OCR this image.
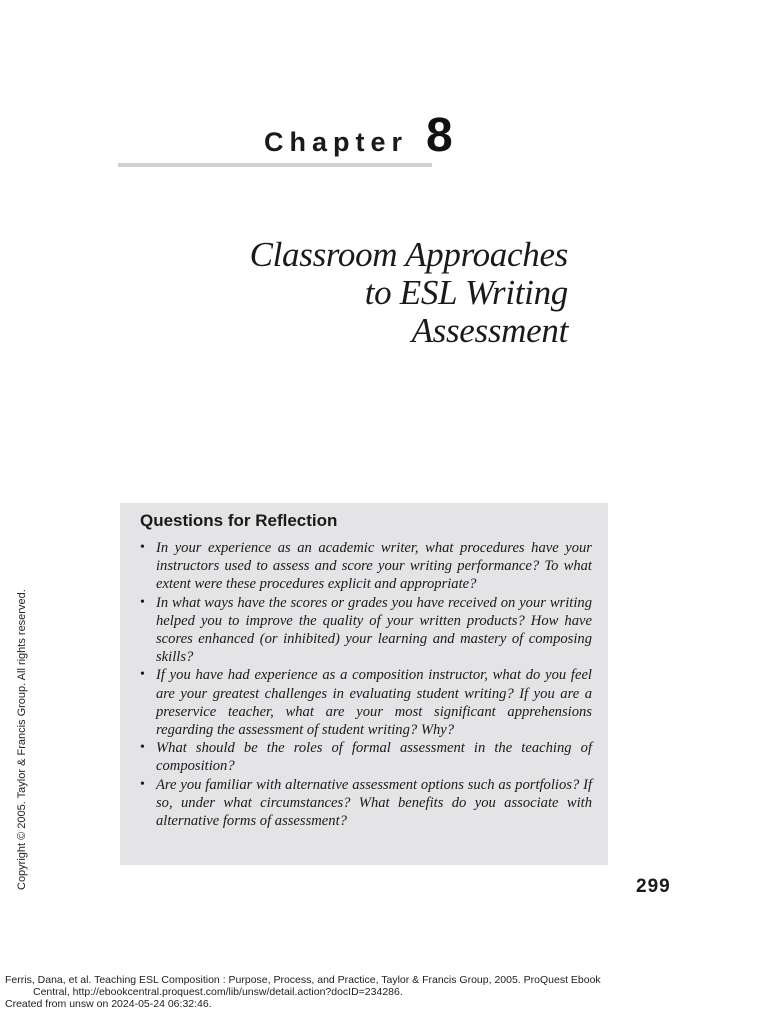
Chapter 8
Classroom Approaches
to ESL Writing
Assessment
Questions for Reflection
• In your experience as an academic writer, what procedures have your instructors used to assess and score your writing performance? To what extent were these procedures explicit and appropriate?
• In what ways have the scores or grades you have received on your writing helped you to improve the quality of your written products? How have scores enhanced (or inhibited) your learning and mastery of composing skills?
• If you have had experience as a composition instructor, what do you feel are your greatest challenges in evaluating student writing? If you are a preservice teacher, what are your most significant apprehensions regarding the assessment of student writing? Why?
• What should be the roles of formal assessment in the teaching of composition?
• Are you familiar with alternative assessment options such as portfolios? If so, under what circumstances? What benefits do you associate with alternative forms of assessment?
299
Copyright © 2005. Taylor & Francis Group. All rights reserved.
Ferris, Dana, et al. Teaching ESL Composition : Purpose, Process, and Practice, Taylor & Francis Group, 2005. ProQuest Ebook
Central, http://ebookcentral.proquest.com/lib/unsw/detail.action?docID=234286.
Created from unsw on 2024-05-24 06:32:46.
